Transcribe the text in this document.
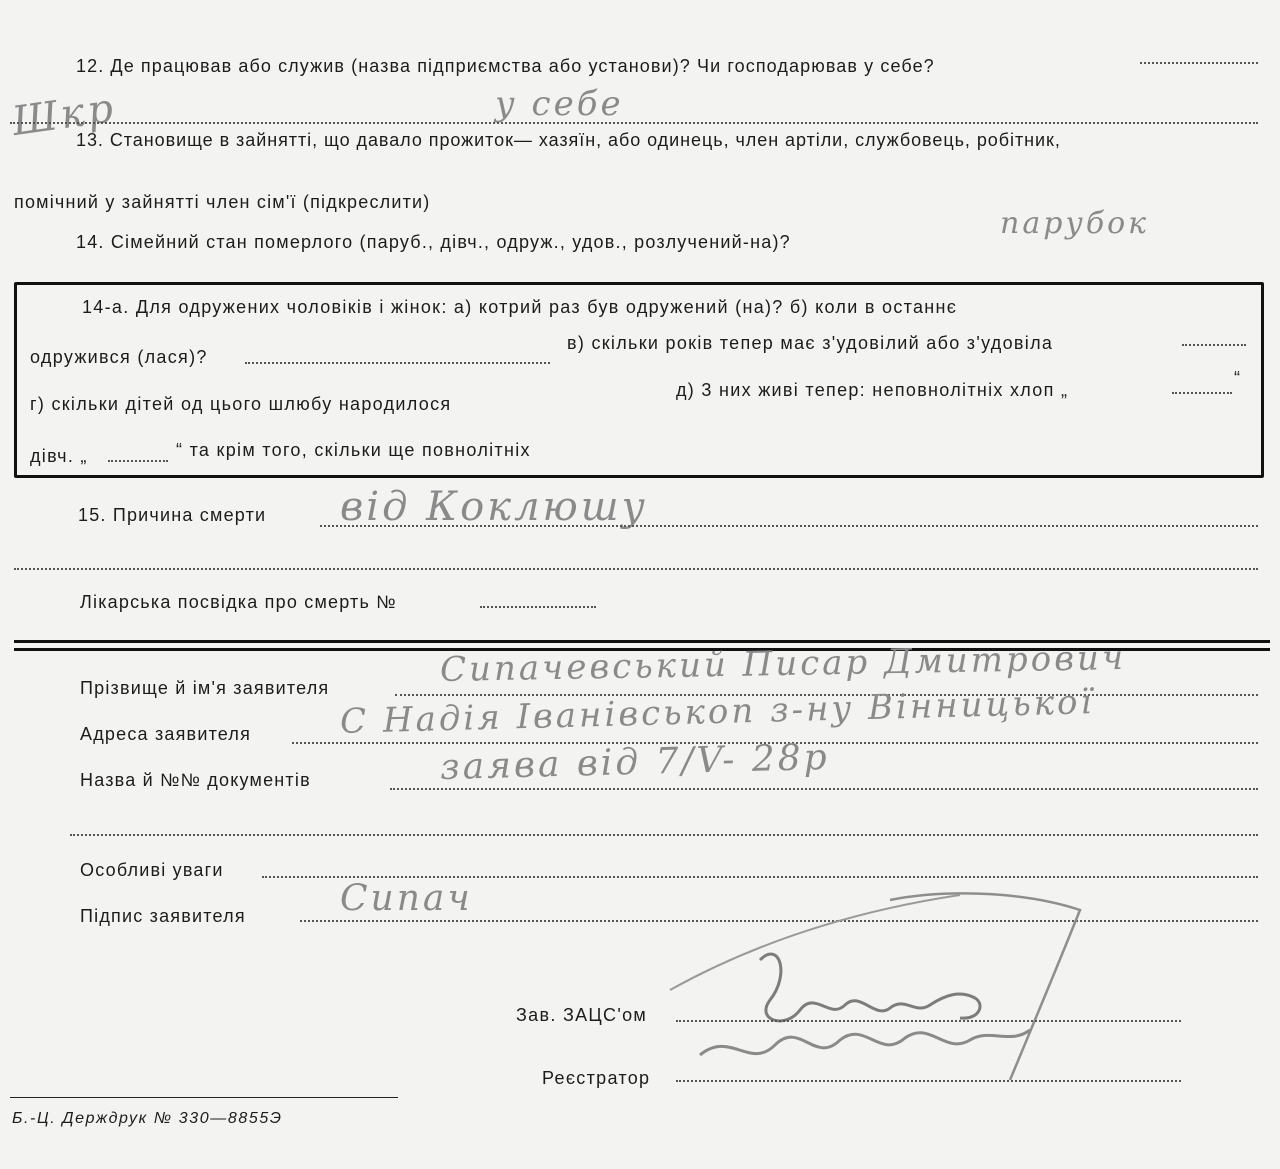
12. Де працював або служив (назва підприємства або установи)? Чи господарював у себе?
Шкр	у себе
13. Становище в зайнятті, що давало прожиток— хазяїн, або одинець, член артіли, службовець, робітник,
помічний у зайнятті член сім'ї (підкреслити)
14. Сімейний стан померлого (паруб., дівч., одруж., удов., розлучений-на)?
парубок
14-а. Для одружених чоловіків і жінок: а) котрий раз був одружений (на)? б) коли в останнє
одружився (лася)?
в) скільки років тепер має з'удовілий або з'удовіла
г) скільки дітей од цього шлюбу народилося
д) 3 них живі тепер: неповнолітніх хлоп „
“
дівч. „	“ та крім того, скільки ще повнолітніх
15. Причина смерти від Коклюшу
Лікарська посвідка про смерть №
Прізвище й ім'я заявителя	Сипачевський Писар Дмитрович
Адреса заявителя	С Надія Іванівськоп з-ну Вінницької
Назва й №№ документів	заява від 7/V- 28р
Особливі уваги
Підпис заявителя	Сипач
Зав. ЗАЦС'ом
Реєстратор
Б.-Ц. Держдрук № 330—8855Э
